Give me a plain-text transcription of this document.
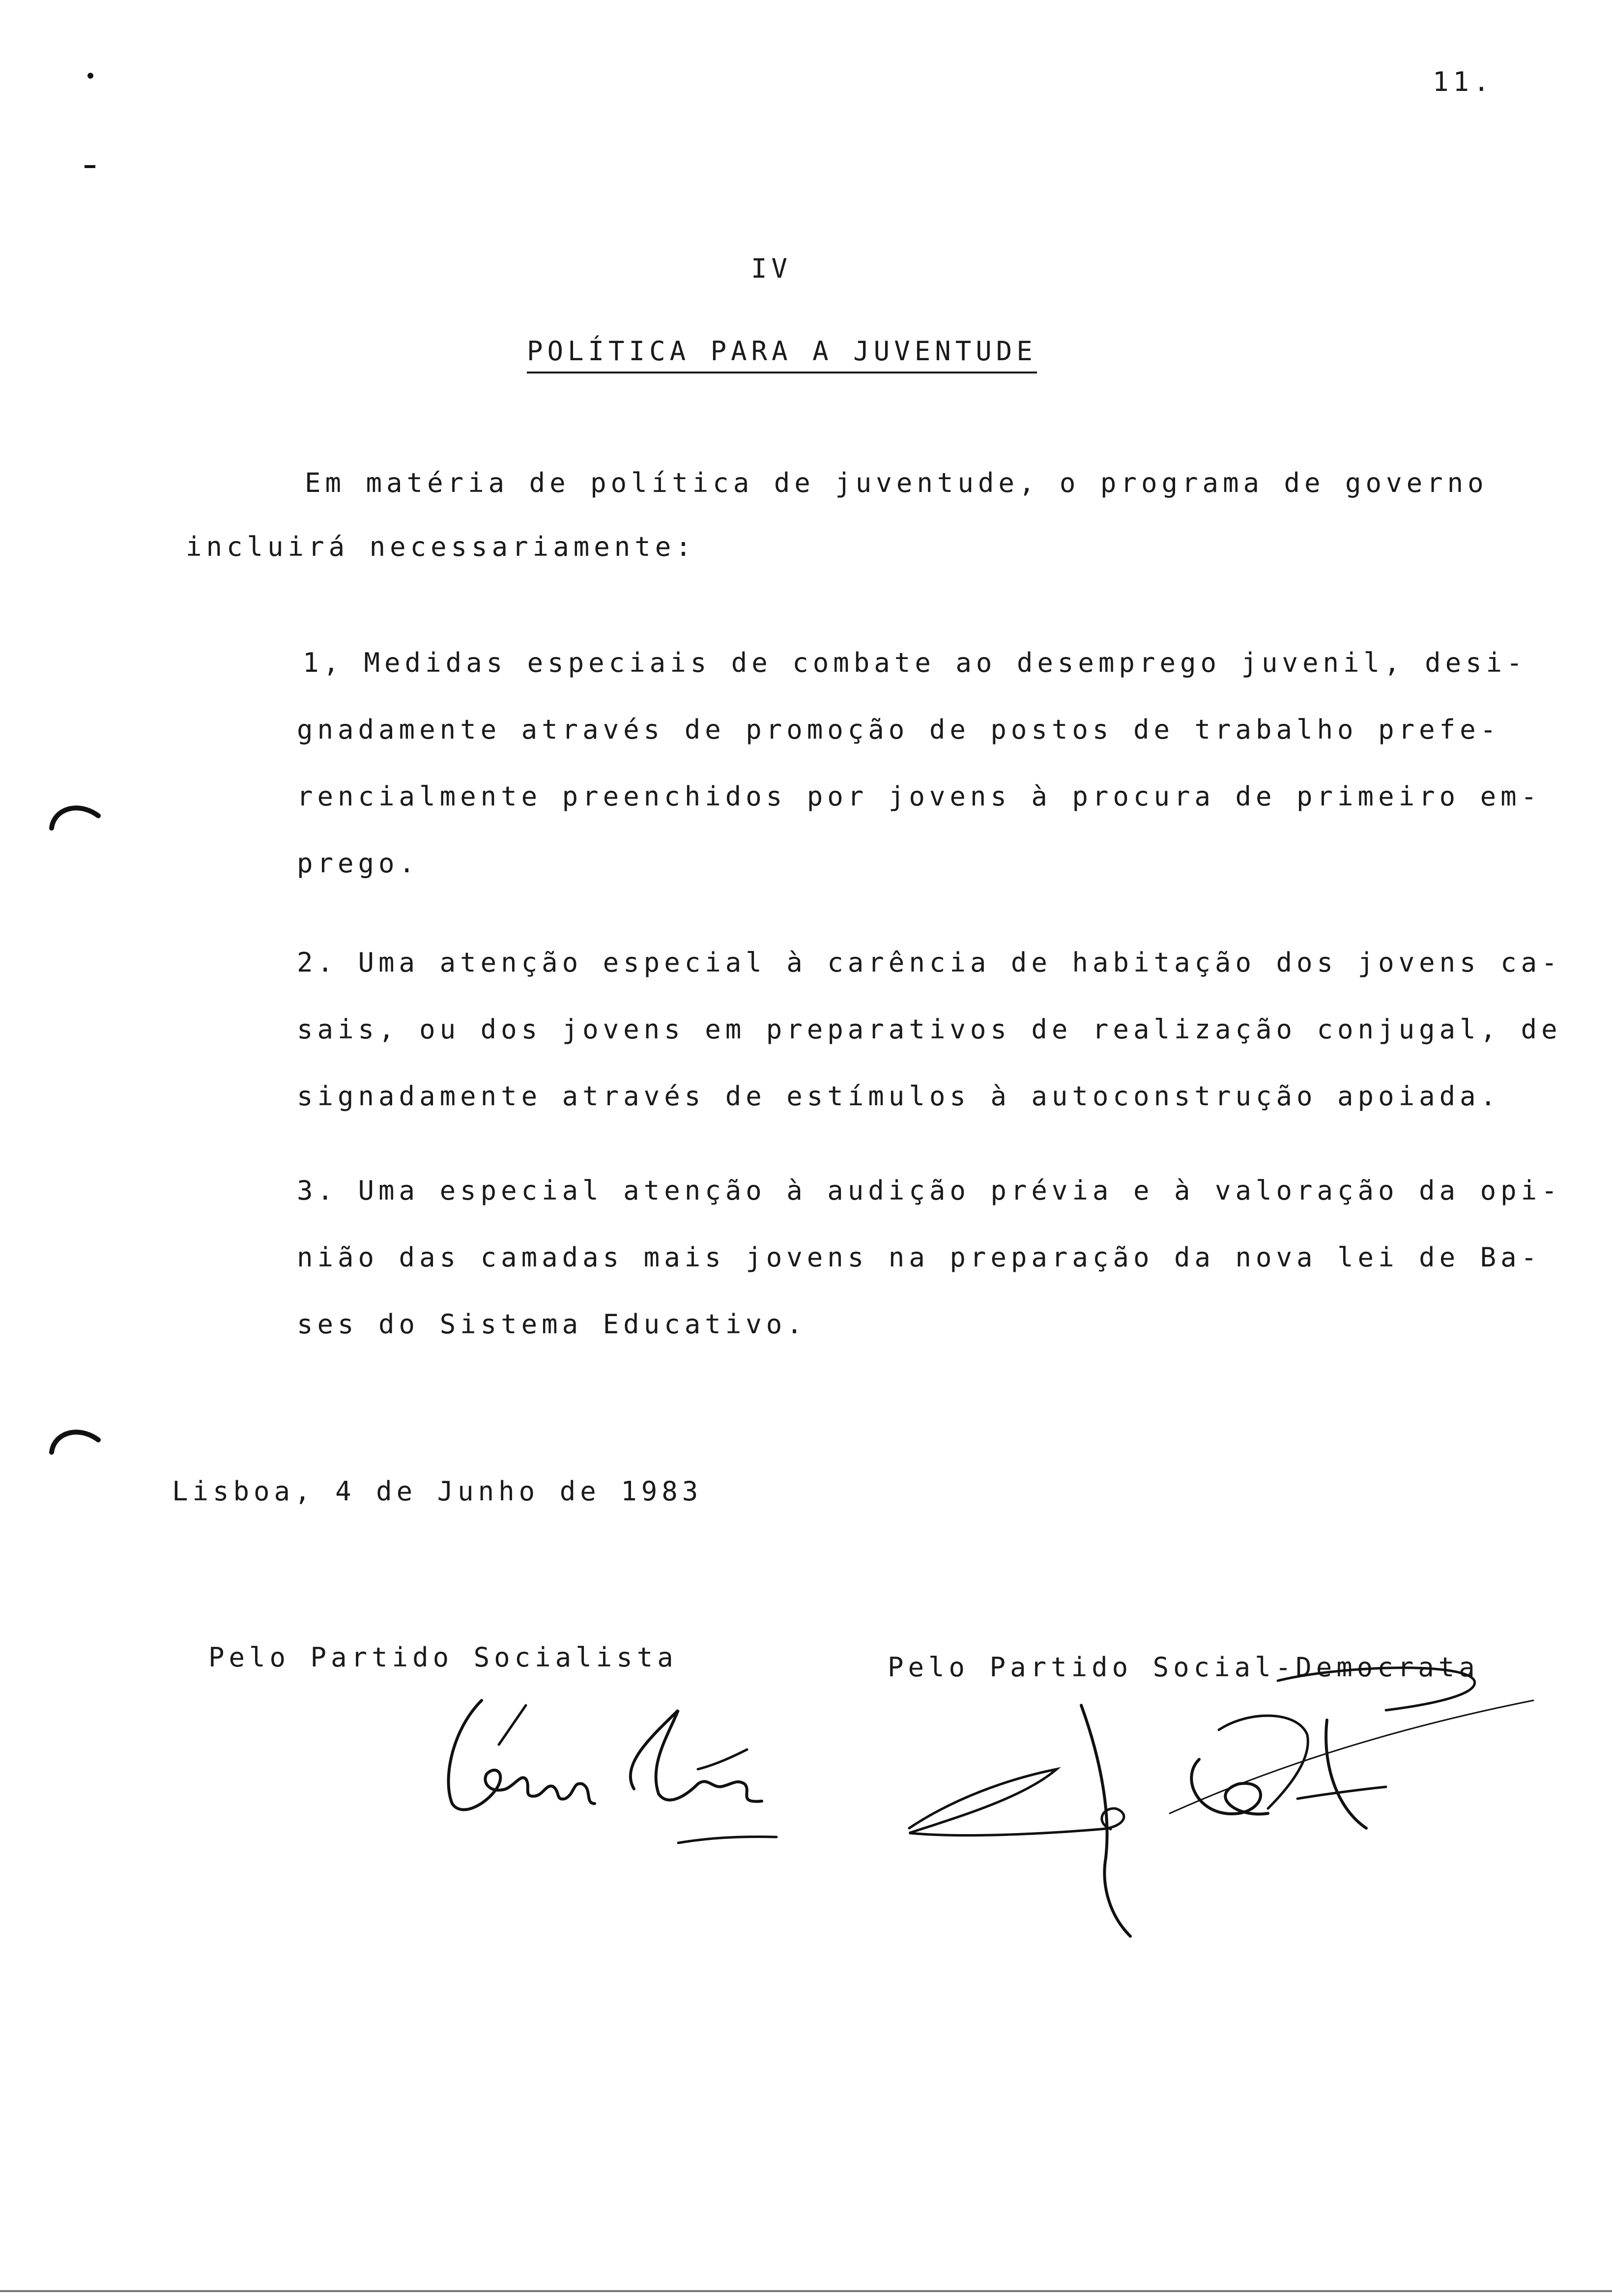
11.
IV
POLÍTICA PARA A JUVENTUDE
Em matéria de política de juventude, o programa de governo
incluirá necessariamente:
1, Medidas especiais de combate ao desemprego juvenil, desi-
gnadamente através de promoção de postos de trabalho prefe-
rencialmente preenchidos por jovens à procura de primeiro em-
prego.
2. Uma atenção especial à carência de habitação dos jovens ca-
sais, ou dos jovens em preparativos de realização conjugal, de
signadamente através de estímulos à autoconstrução apoiada.
3. Uma especial atenção à audição prévia e à valoração da opi-
nião das camadas mais jovens na preparação da nova lei de Ba-
ses do Sistema Educativo.
Lisboa, 4 de Junho de 1983
Pelo Partido Socialista	Pelo Partido Social-Democrata
